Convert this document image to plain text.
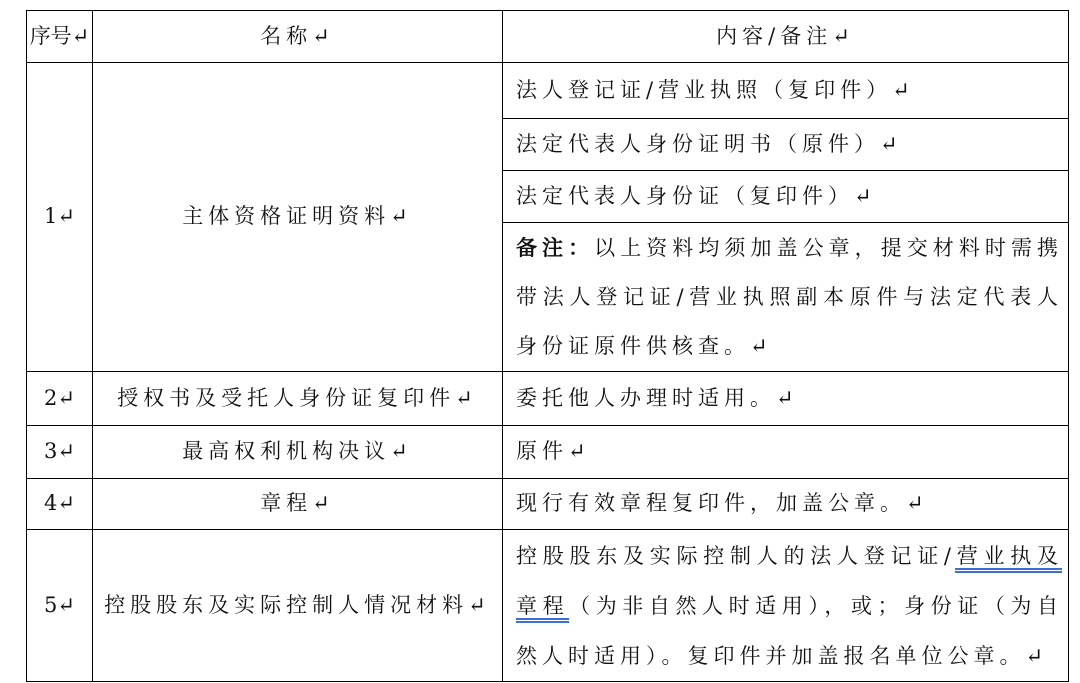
序号↵	名称↵	内容/备注↵
1↵	主体资格证明资料↵	法人登记证/营业执照（复印件）↵
		法定代表人身份证明书（原件）↵
		法定代表人身份证（复印件）↵

		备注：以上资料均须加盖公章，提交材料时需携
带法人登记证/营业执照副本原件与法定代表人
身份证原件供核查。↵

2↵	授权书及受托人身份证复印件↵	委托他人办理时适用。↵
3↵	最高权利机构决议↵	原件↵
4↵	章程↵	现行有效章程复印件，加盖公章。↵
5↵	控股股东及实际控制人情况材料↵	控股股东及实际控制人的法人登记证/营业执及
章程（为非自然人时适用），或；身份证（为自
然人时适用）。复印件并加盖报名单位公章。↵
